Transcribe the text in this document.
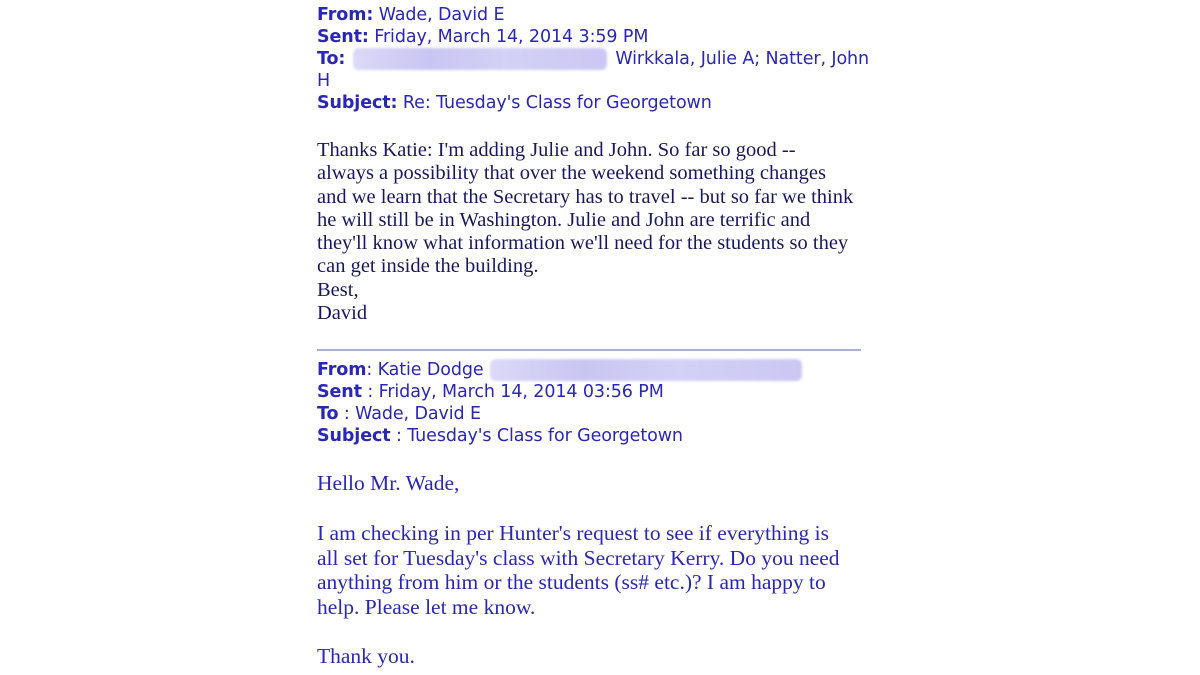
From: Wade, David E
Sent: Friday, March 14, 2014 3:59 PM
To:	Wirkkala, Julie A; Natter, John
H
Subject: Re: Tuesday's Class for Georgetown

Thanks Katie: I'm adding Julie and John. So far so good --

always a possibility that over the weekend something changes

and we learn that the Secretary has to travel -- but so far we think

he will still be in Washington. Julie and John are terrific and

they'll know what information we'll need for the students so they

can get inside the building.

Best,

David

From : Katie Dodge
Sent : Friday, March 14, 2014 03:56 PM
To : Wade, David E
Subject : Tuesday's Class for Georgetown

Hello Mr. Wade,

I am checking in per Hunter's request to see if everything is

all set for Tuesday's class with Secretary Kerry. Do you need

anything from him or the students (ss# etc.)? I am happy to

help. Please let me know.

Thank you.
